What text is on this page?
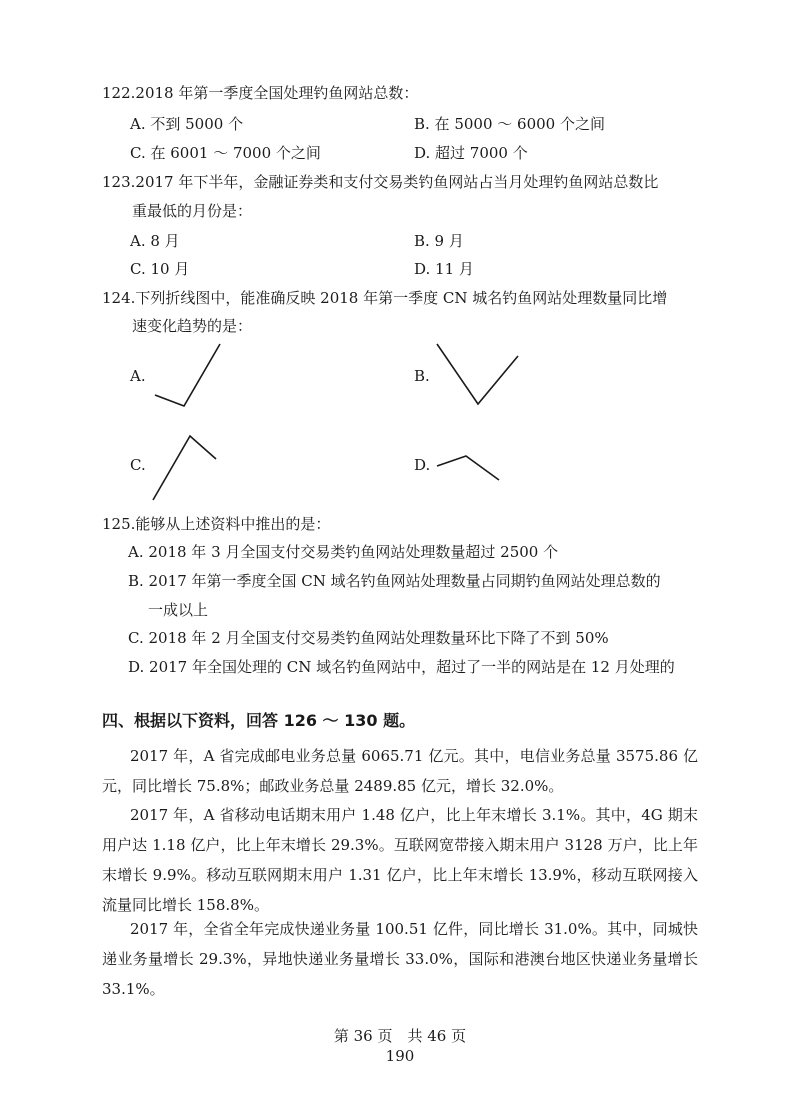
122.2018 年第一季度全国处理钓鱼网站总数：
A. 不到 5000 个	B. 在 5000 ～ 6000 个之间
C. 在 6001 ～ 7000 个之间	D. 超过 7000 个
123.2017 年下半年，金融证券类和支付交易类钓鱼网站占当月处理钓鱼网站总数比
重最低的月份是：
A. 8 月	B. 9 月
C. 10 月	D. 11 月
124.下列折线图中，能准确反映 2018 年第一季度 CN 城名钓鱼网站处理数量同比增
速变化趋势的是：
A.	B.
C.	D.
125.能够从上述资料中推出的是：
A. 2018 年 3 月全国支付交易类钓鱼网站处理数量超过 2500 个
B. 2017 年第一季度全国 CN 域名钓鱼网站处理数量占同期钓鱼网站处理总数的
一成以上
C. 2018 年 2 月全国支付交易类钓鱼网站处理数量环比下降了不到 50%
D. 2017 年全国处理的 CN 域名钓鱼网站中，超过了一半的网站是在 12 月处理的
四、根据以下资料，回答 126 ～ 130 题。
2017 年，A 省完成邮电业务总量 6065.71 亿元。其中，电信业务总量 3575.86 亿元，同比增长 75.8%；邮政业务总量 2489.85 亿元，增长 32.0%。
2017 年，A 省移动电话期末用户 1.48 亿户，比上年末增长 3.1%。其中，4G 期末用户达 1.18 亿户，比上年末增长 29.3%。互联网宽带接入期末用户 3128 万户，比上年末增长 9.9%。移动互联网期末用户 1.31 亿户，比上年末增长 13.9%，移动互联网接入流量同比增长 158.8%。
2017 年，全省全年完成快递业务量 100.51 亿件，同比增长 31.0%。其中，同城快递业务量增长 29.3%，异地快递业务量增长 33.0%，国际和港澳台地区快递业务量增长 33.1%。
第 36 页　共 46 页
190
